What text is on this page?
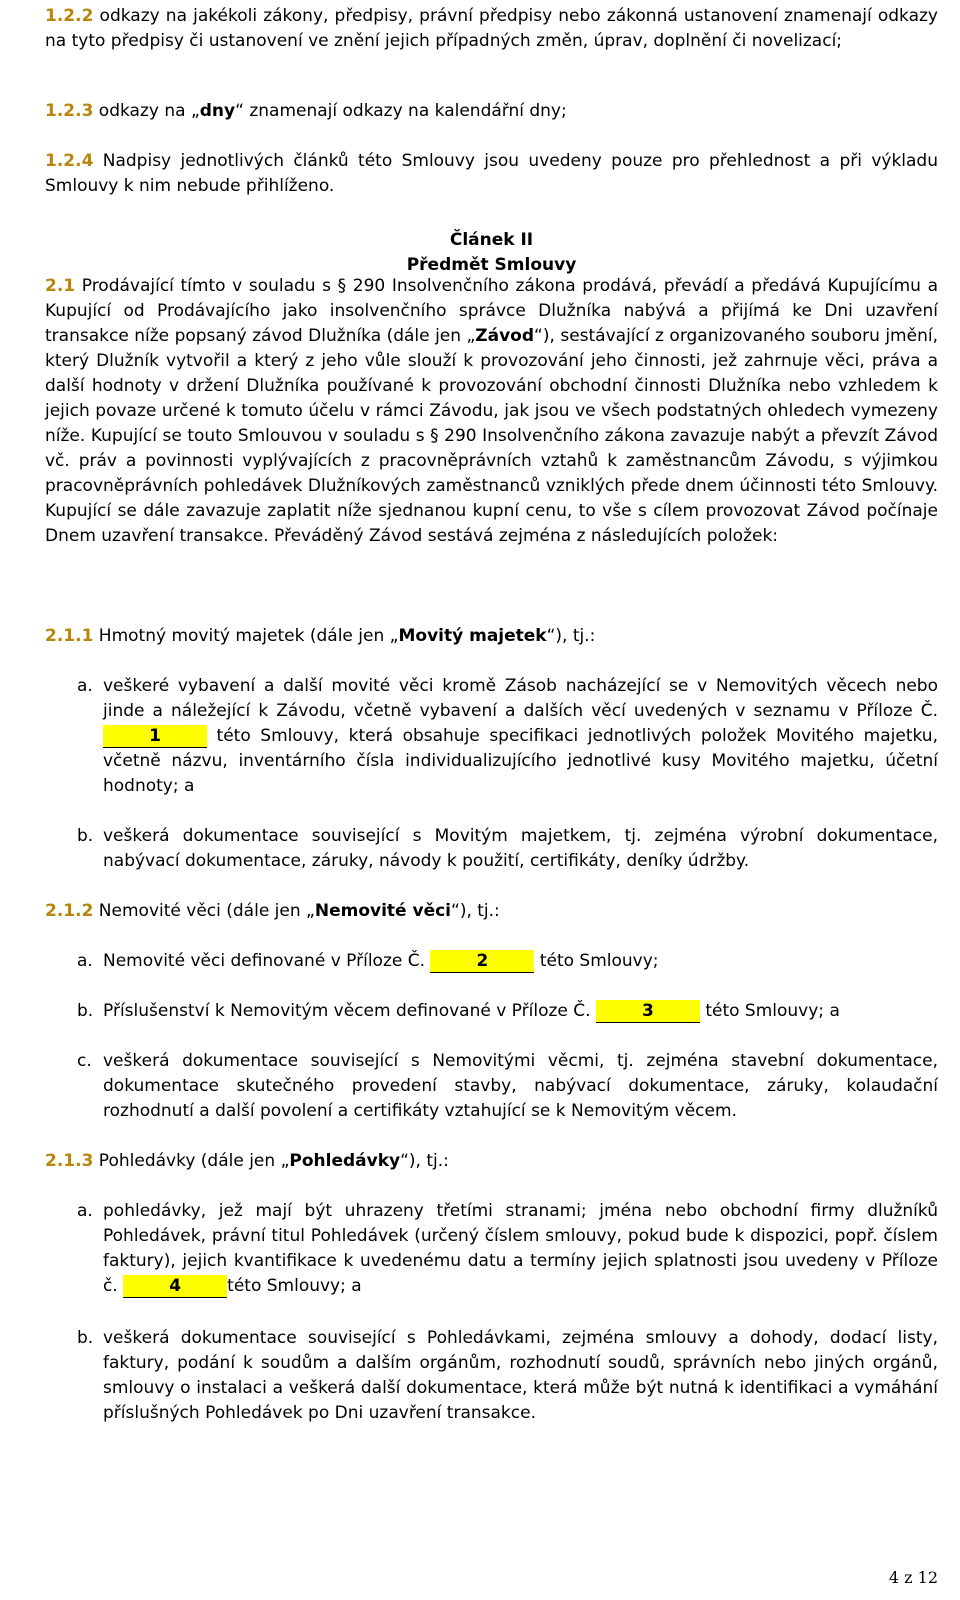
1.2.2 odkazy na jakékoli zákony, předpisy, právní předpisy nebo zákonná ustanovení znamenají odkazy na tyto předpisy či ustanovení ve znění jejich případných změn, úprav, doplnění či novelizací;

1.2.3 odkazy na „dny“ znamenají odkazy na kalendářní dny;

1.2.4 Nadpisy jednotlivých článků této Smlouvy jsou uvedeny pouze pro přehlednost a při výkladu Smlouvy k nim nebude přihlíženo.

Článek II

Předmět Smlouvy

2.1 Prodávající tímto v souladu s § 290 Insolvenčního zákona prodává, převádí a předává Kupujícímu a Kupující od Prodávajícího jako insolvenčního správce Dlužníka nabývá a přijímá ke Dni uzavření transakce níže popsaný závod Dlužníka (dále jen „Závod“), sestávající z organizovaného souboru jmění, který Dlužník vytvořil a který z jeho vůle slouží k provozování jeho činnosti, jež zahrnuje věci, práva a další hodnoty v držení Dlužníka používané k provozování obchodní činnosti Dlužníka nebo vzhledem k jejich povaze určené k tomuto účelu v rámci Závodu, jak jsou ve všech podstatných ohledech vymezeny níže. Kupující se touto Smlouvou v souladu s § 290 Insolvenčního zákona zavazuje nabýt a převzít Závod vč. práv a povinnosti vyplývajících z pracovněprávních vztahů k zaměstnancům Závodu, s výjimkou pracovněprávních pohledávek Dlužníkových zaměstnanců vzniklých přede dnem účinnosti této Smlouvy. Kupující se dále zavazuje zaplatit níže sjednanou kupní cenu, to vše s cílem provozovat Závod počínaje Dnem uzavření transakce. Převáděný Závod sestává zejména z následujících položek:

2.1.1 Hmotný movitý majetek (dále jen „Movitý majetek“), tj.:

a. veškeré vybavení a další movité věci kromě Zásob nacházející se v Nemovitých věcech nebo jinde a náležející k Závodu, včetně vybavení a dalších věcí uvedených v seznamu v Příloze Č. 1	této Smlouvy, která obsahuje specifikaci jednotlivých položek Movitého majetku, včetně názvu, inventárního čísla individualizujícího jednotlivé kusy Movitého majetku, účetní hodnoty; a

b. veškerá dokumentace související s Movitým majetkem, tj. zejména výrobní dokumentace, nabývací dokumentace, záruky, návody k použití, certifikáty, deníky údržby.

2.1.2 Nemovité věci (dále jen „Nemovité věci“), tj.:

a. Nemovité věci definované v Příloze Č.	2	této Smlouvy;

b. Příslušenství k Nemovitým věcem definované v Příloze Č.	3	této Smlouvy; a

c. veškerá dokumentace související s Nemovitými věcmi, tj. zejména stavební dokumentace, dokumentace skutečného provedení stavby, nabývací dokumentace, záruky, kolaudační rozhodnutí a další povolení a certifikáty vztahující se k Nemovitým věcem.

2.1.3 Pohledávky (dále jen „Pohledávky“), tj.:

a. pohledávky, jež mají být uhrazeny třetími stranami; jména nebo obchodní firmy dlužníků Pohledávek, právní titul Pohledávek (určený číslem smlouvy, pokud bude k dispozici, popř. číslem faktury), jejich kvantifikace k uvedenému datu a termíny jejich splatnosti jsou uvedeny v Příloze č.	4	této Smlouvy; a

b. veškerá dokumentace související s Pohledávkami, zejména smlouvy a dohody, dodací listy, faktury, podání k soudům a dalším orgánům, rozhodnutí soudů, správních nebo jiných orgánů, smlouvy o instalaci a veškerá další dokumentace, která může být nutná k identifikaci a vymáhání příslušných Pohledávek po Dni uzavření transakce.

4 z 12
